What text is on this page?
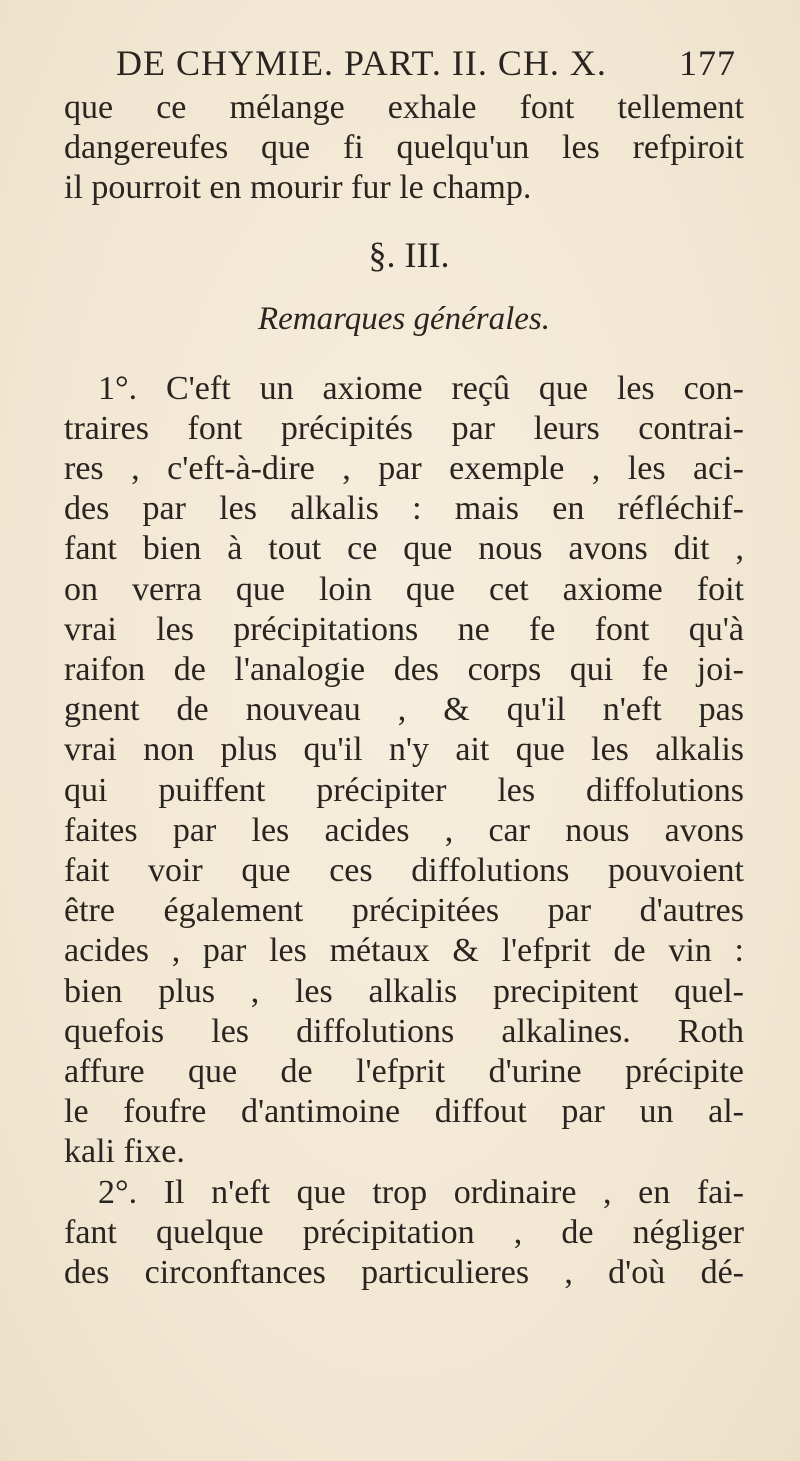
DE CHYMIE. PART. II. CH. X. 177
que ce mélange exhale font tellement
dangereufes que fi quelqu'un les refpiroit
il pourroit en mourir fur le champ.
§. III.
Remarques générales.
1°. C'eft un axiome reçû que les con-
traires font précipités par leurs contrai-
res , c'eft-à-dire , par exemple , les aci-
des par les alkalis : mais en réfléchif-
fant bien à tout ce que nous avons dit ,
on verra que loin que cet axiome foit
vrai les précipitations ne fe font qu'à
raifon de l'analogie des corps qui fe joi-
gnent de nouveau , & qu'il n'eft pas
vrai non plus qu'il n'y ait que les alkalis
qui puiffent précipiter les diffolutions
faites par les acides , car nous avons
fait voir que ces diffolutions pouvoient
être également précipitées par d'autres
acides , par les métaux & l'efprit de vin :
bien plus , les alkalis precipitent quel-
quefois les diffolutions alkalines. Roth
affure que de l'efprit d'urine précipite
le foufre d'antimoine diffout par un al-
kali fixe.
2°. Il n'eft que trop ordinaire , en fai-
fant quelque précipitation , de négliger
des circonftances particulieres , d'où dé-
